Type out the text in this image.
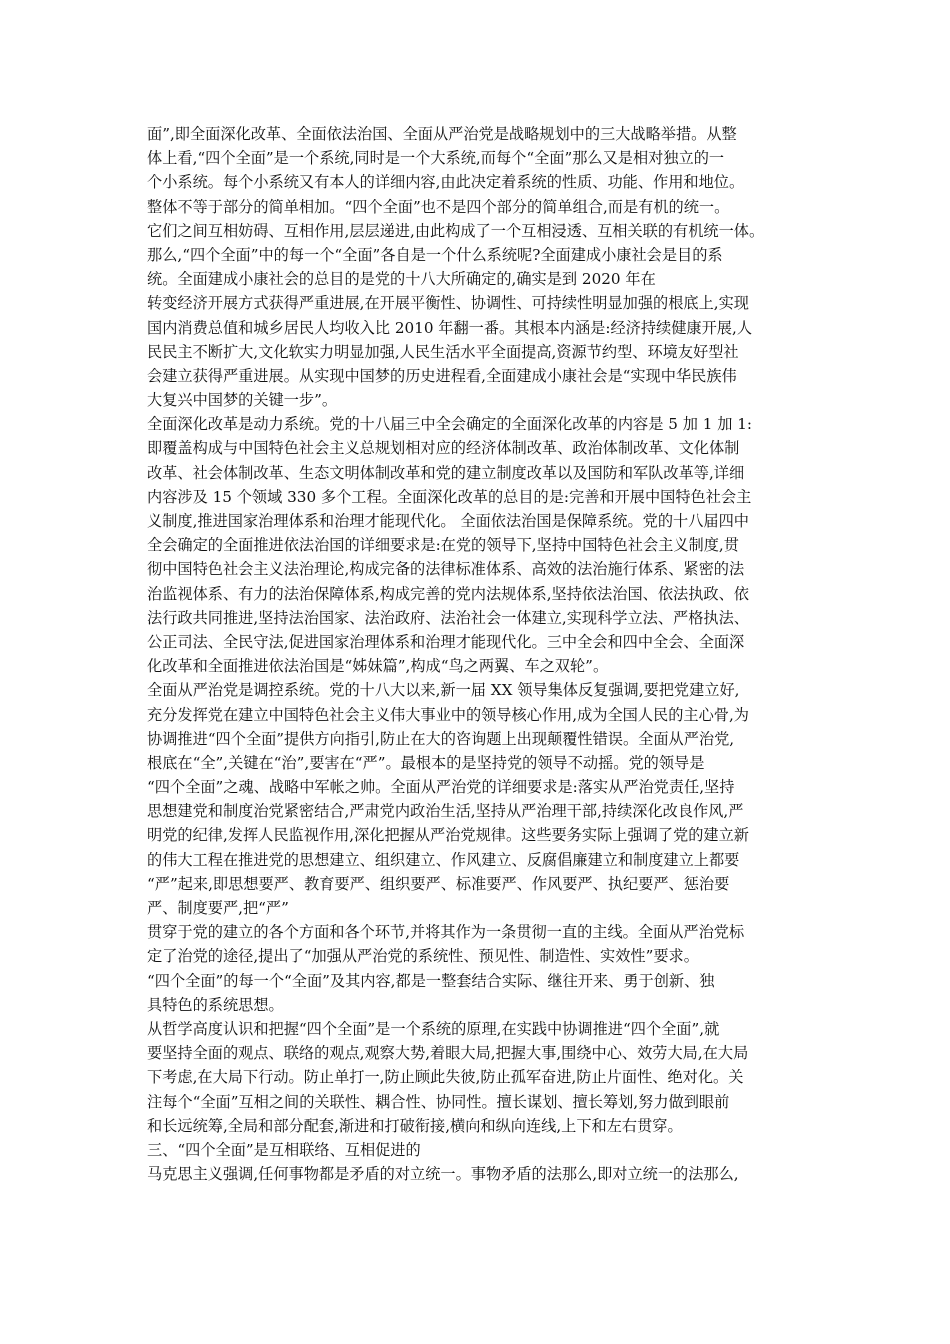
面”,即全面深化改革、全面依法治国、全面从严治党是战略规划中的三大战略举措。从整
体上看,“四个全面”是一个系统,同时是一个大系统,而每个“全面”那么又是相对独立的一
个小系统。每个小系统又有本人的详细内容,由此决定着系统的性质、功能、作用和地位。
整体不等于部分的简单相加。“四个全面”也不是四个部分的简单组合,而是有机的统一。
它们之间互相妨碍、互相作用,层层递进,由此构成了一个互相浸透、互相关联的有机统一体。
那么,“四个全面”中的每一个“全面”各自是一个什么系统呢?全面建成小康社会是目的系
统。全面建成小康社会的总目的是党的十八大所确定的,确实是到 2020 年在
转变经济开展方式获得严重进展,在开展平衡性、协调性、可持续性明显加强的根底上,实现
国内消费总值和城乡居民人均收入比 2010 年翻一番。其根本内涵是:经济持续健康开展,人
民民主不断扩大,文化软实力明显加强,人民生活水平全面提高,资源节约型、环境友好型社
会建立获得严重进展。从实现中国梦的历史进程看,全面建成小康社会是“实现中华民族伟
大复兴中国梦的关键一步”。
全面深化改革是动力系统。党的十八届三中全会确定的全面深化改革的内容是 5 加 1 加 1:
即覆盖构成与中国特色社会主义总规划相对应的经济体制改革、政治体制改革、文化体制
改革、社会体制改革、生态文明体制改革和党的建立制度改革以及国防和军队改革等,详细
内容涉及 15 个领域 330 多个工程。全面深化改革的总目的是:完善和开展中国特色社会主
义制度,推进国家治理体系和治理才能现代化。 全面依法治国是保障系统。党的十八届四中
全会确定的全面推进依法治国的详细要求是:在党的领导下,坚持中国特色社会主义制度,贯
彻中国特色社会主义法治理论,构成完备的法律标准体系、高效的法治施行体系、紧密的法
治监视体系、有力的法治保障体系,构成完善的党内法规体系,坚持依法治国、依法执政、依
法行政共同推进,坚持法治国家、法治政府、法治社会一体建立,实现科学立法、严格执法、
公正司法、全民守法,促进国家治理体系和治理才能现代化。三中全会和四中全会、全面深
化改革和全面推进依法治国是“姊妹篇”,构成“鸟之两翼、车之双轮”。
全面从严治党是调控系统。党的十八大以来,新一届 XX 领导集体反复强调,要把党建立好,
充分发挥党在建立中国特色社会主义伟大事业中的领导核心作用,成为全国人民的主心骨,为
协调推进“四个全面”提供方向指引,防止在大的咨询题上出现颠覆性错误。全面从严治党,
根底在“全”,关键在“治”,要害在“严”。最根本的是坚持党的领导不动摇。党的领导是
“四个全面”之魂、战略中军帐之帅。全面从严治党的详细要求是:落实从严治党责任,坚持
思想建党和制度治党紧密结合,严肃党内政治生活,坚持从严治理干部,持续深化改良作风,严
明党的纪律,发挥人民监视作用,深化把握从严治党规律。这些要务实际上强调了党的建立新
的伟大工程在推进党的思想建立、组织建立、作风建立、反腐倡廉建立和制度建立上都要
“严”起来,即思想要严、教育要严、组织要严、标准要严、作风要严、执纪要严、惩治要
严、制度要严,把“严”
贯穿于党的建立的各个方面和各个环节,并将其作为一条贯彻一直的主线。全面从严治党标
定了治党的途径,提出了“加强从严治党的系统性、预见性、制造性、实效性”要求。
“四个全面”的每一个“全面”及其内容,都是一整套结合实际、继往开来、勇于创新、独
具特色的系统思想。
从哲学高度认识和把握“四个全面”是一个系统的原理,在实践中协调推进“四个全面”,就
要坚持全面的观点、联络的观点,观察大势,着眼大局,把握大事,围绕中心、效劳大局,在大局
下考虑,在大局下行动。防止单打一,防止顾此失彼,防止孤军奋进,防止片面性、绝对化。关
注每个“全面”互相之间的关联性、耦合性、协同性。擅长谋划、擅长筹划,努力做到眼前
和长远统筹,全局和部分配套,渐进和打破衔接,横向和纵向连线,上下和左右贯穿。
三、“四个全面”是互相联络、互相促进的
马克思主义强调,任何事物都是矛盾的对立统一。事物矛盾的法那么,即对立统一的法那么,
